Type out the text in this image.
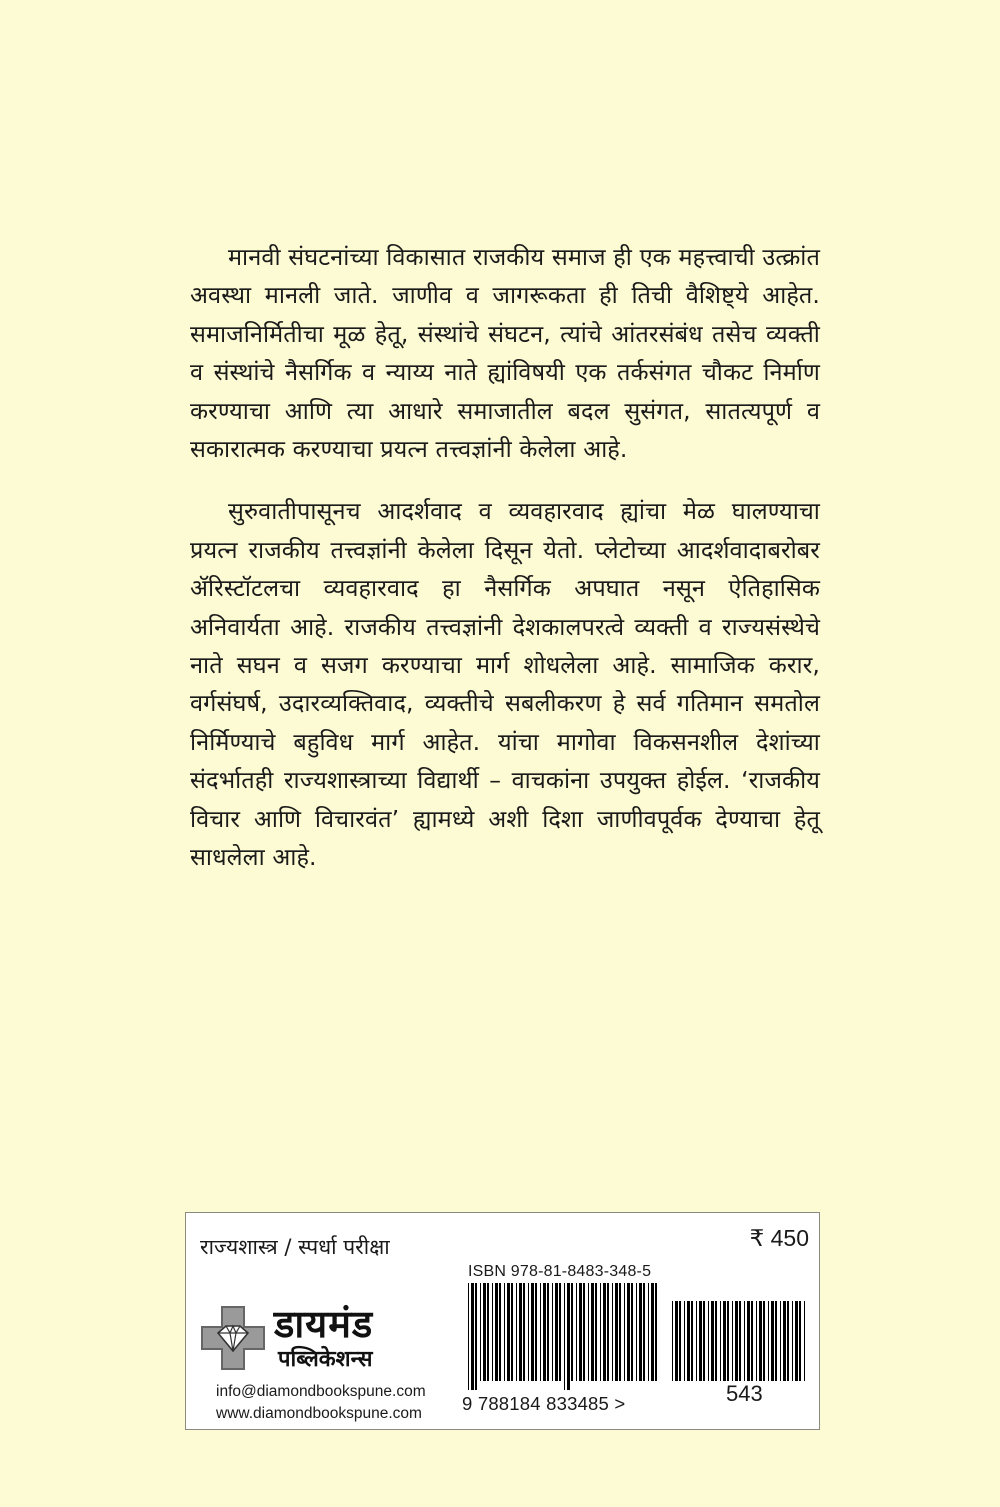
मानवी संघटनांच्या विकासात राजकीय समाज ही एक महत्त्वाची उत्क्रांत अवस्था मानली जाते. जाणीव व जागरूकता ही तिची वैशिष्ट्ये आहेत. समाजनिर्मितीचा मूळ हेतू, संस्थांचे संघटन, त्यांचे आंतरसंबंध तसेच व्यक्ती व संस्थांचे नैसर्गिक व न्याय्य नाते ह्यांविषयी एक तर्कसंगत चौकट निर्माण करण्याचा आणि त्या आधारे समाजातील बदल सुसंगत, सातत्यपूर्ण व सकारात्मक करण्याचा प्रयत्न तत्त्वज्ञांनी केलेला आहे.

सुरुवातीपासूनच आदर्शवाद व व्यवहारवाद ह्यांचा मेळ घालण्याचा प्रयत्न राजकीय तत्त्वज्ञांनी केलेला दिसून येतो. प्लेटोच्या आदर्शवादाबरोबर ॲरिस्टॉटलचा व्यवहारवाद हा नैसर्गिक अपघात नसून ऐतिहासिक अनिवार्यता आहे. राजकीय तत्त्वज्ञांनी देशकालपरत्वे व्यक्ती व राज्यसंस्थेचे नाते सघन व सजग करण्याचा मार्ग शोधलेला आहे. सामाजिक करार, वर्गसंघर्ष, उदारव्यक्तिवाद, व्यक्तीचे सबलीकरण हे सर्व गतिमान समतोल निर्मिण्याचे बहुविध मार्ग आहेत. यांचा मागोवा विकसनशील देशांच्या संदर्भातही राज्यशास्त्राच्या विद्यार्थी – वाचकांना उपयुक्त होईल. ‘राजकीय विचार आणि विचारवंत’ ह्यामध्ये अशी दिशा जाणीवपूर्वक देण्याचा हेतू साधलेला आहे.

राज्यशास्त्र / स्पर्धा परीक्षा	₹ 450
ISBN 978-81-8483-348-5
डायमंड
पब्लिकेशन्स
info@diamondbookspune.com
www.diamondbookspune.com 9 788184 833485 >	543
